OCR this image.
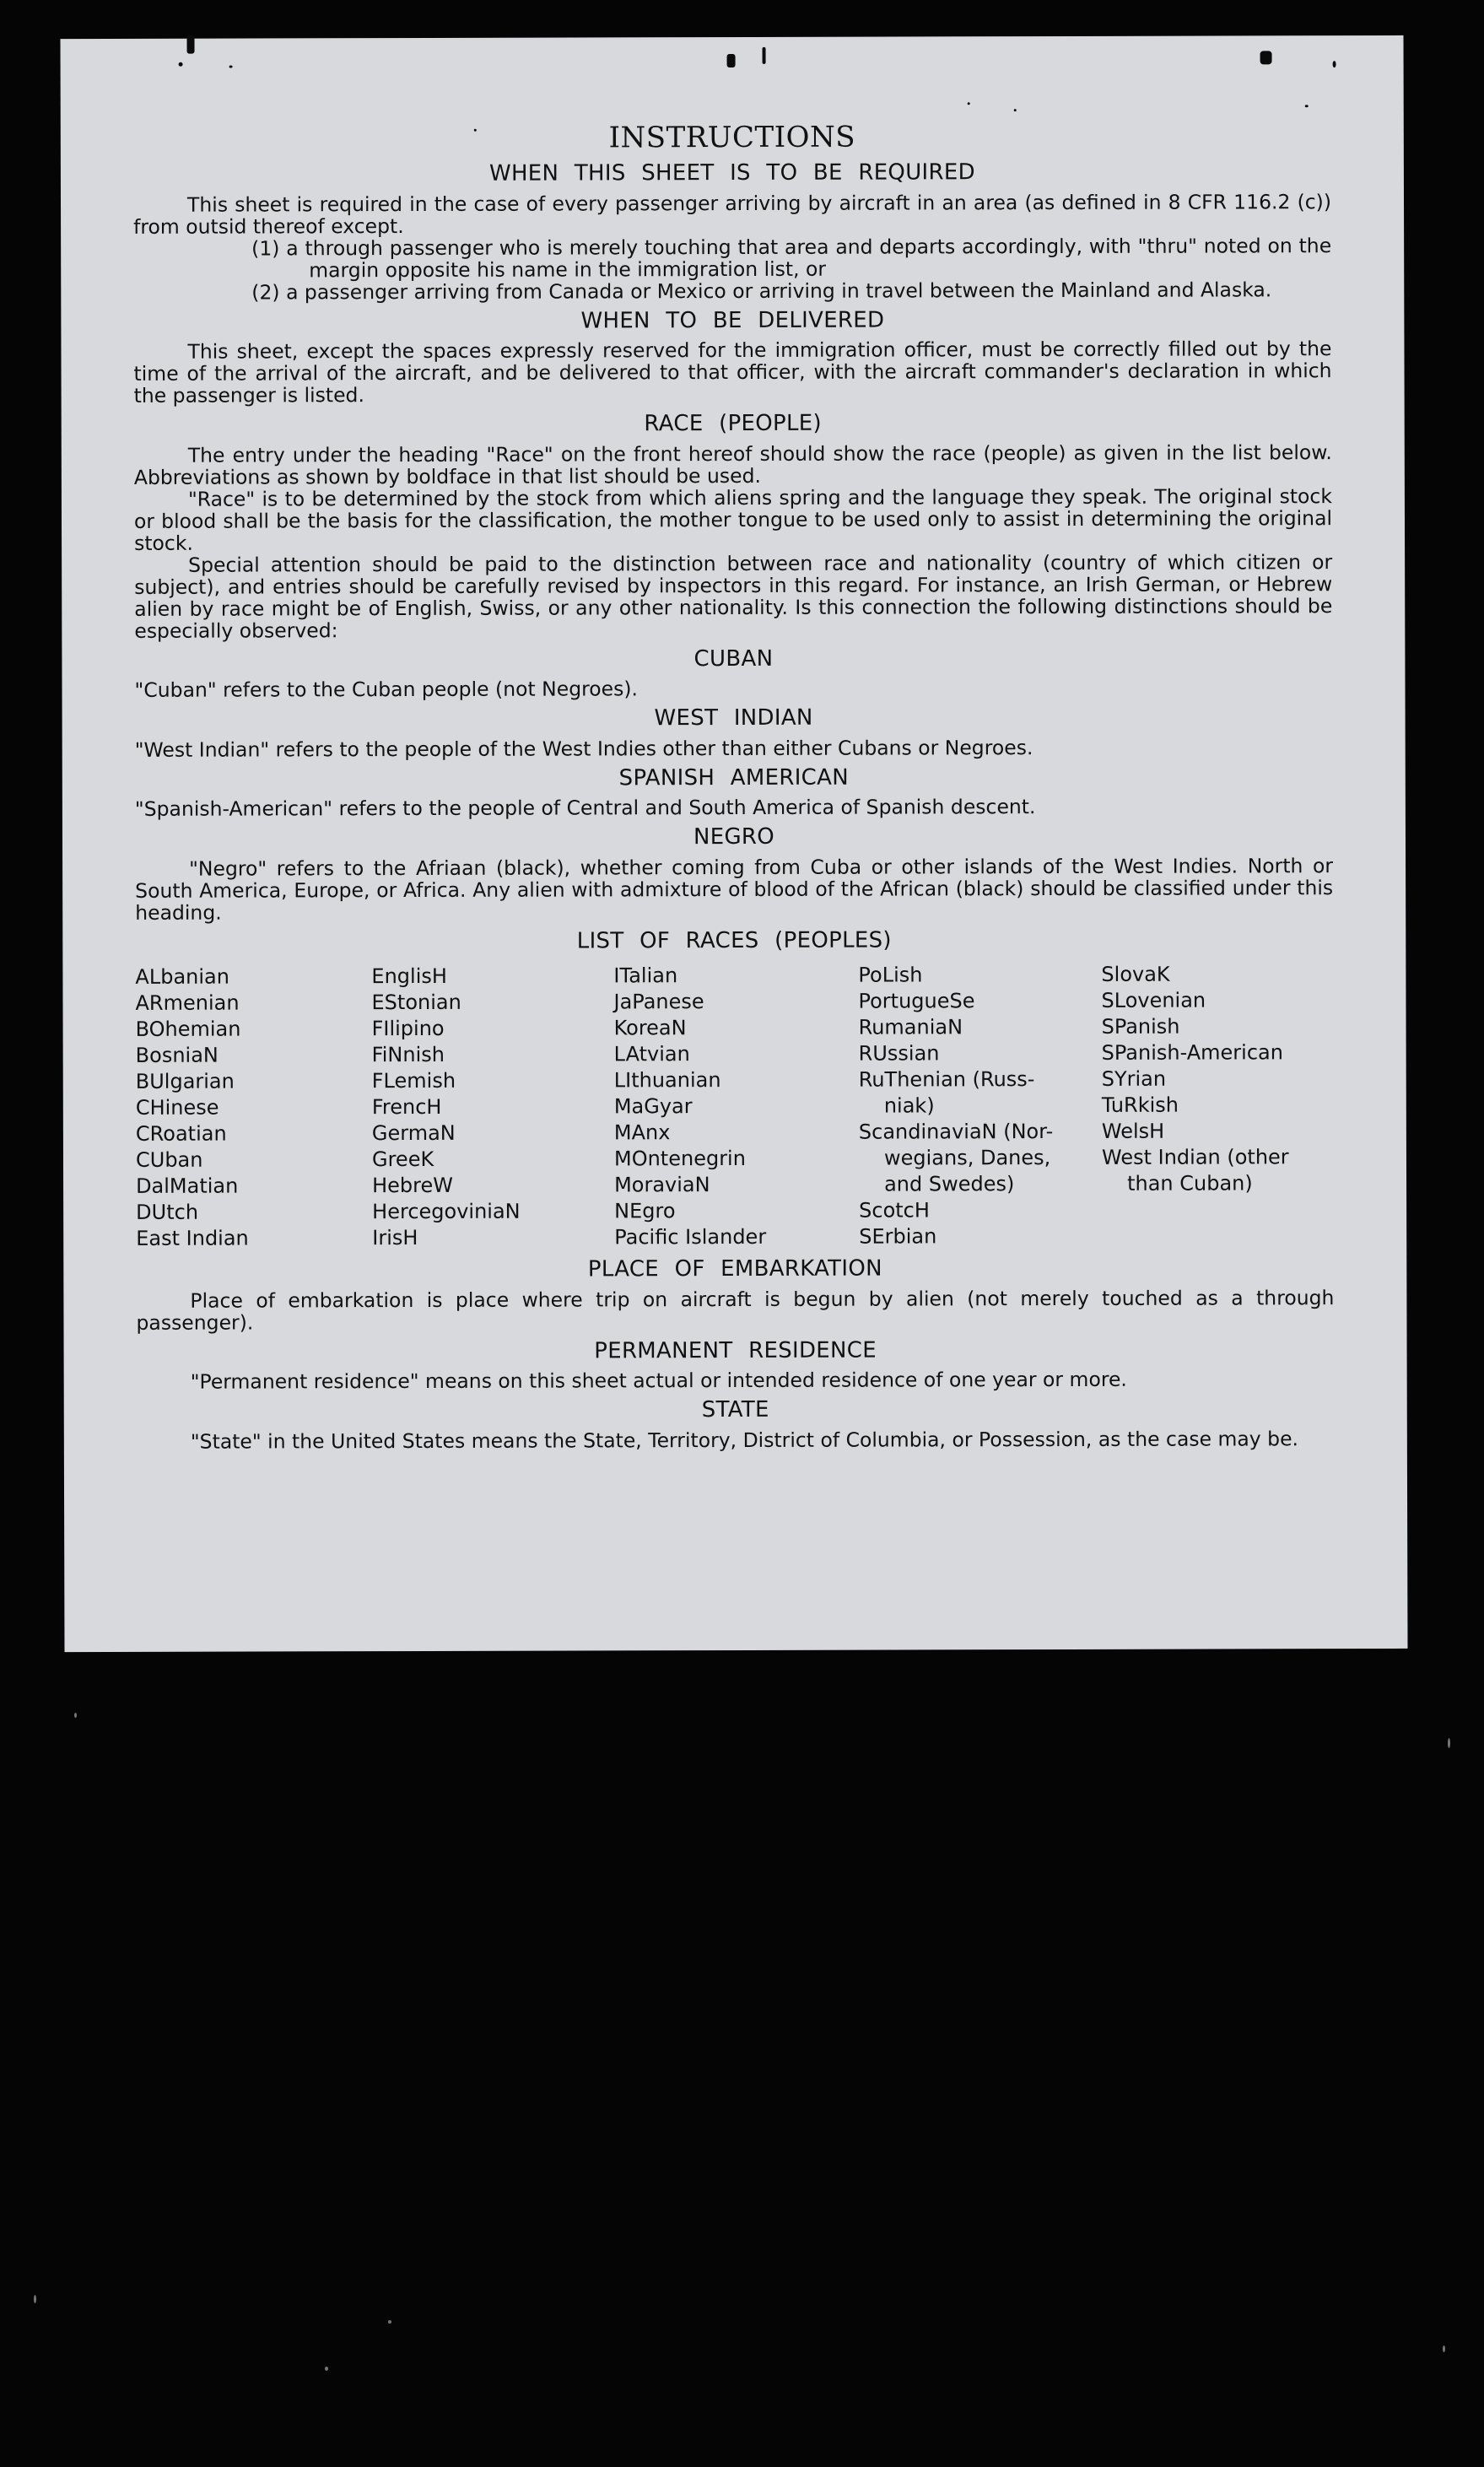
INSTRUCTIONS
WHEN THIS SHEET IS TO BE REQUIRED

This sheet is required in the case of every passenger arriving by aircraft in an area (as defined in 8 CFR 116.2 (c)) from outsid thereof except.

(1) a through passenger who is merely touching that area and departs accordingly, with "thru" noted on the margin opposite his name in the immigration list, or

(2) a passenger arriving from Canada or Mexico or arriving in travel between the Mainland and Alaska.

WHEN TO BE DELIVERED

This sheet, except the spaces expressly reserved for the immigration officer, must be correctly filled out by the time of the arrival of the aircraft, and be delivered to that officer, with the aircraft commander's declaration in which the passenger is listed.

RACE (PEOPLE)

The entry under the heading "Race" on the front hereof should show the race (people) as given in the list below. Abbreviations as shown by boldface in that list should be used.

"Race" is to be determined by the stock from which aliens spring and the language they speak. The original stock or blood shall be the basis for the classification, the mother tongue to be used only to assist in determining the original stock.

Special attention should be paid to the distinction between race and nationality (country of which citizen or subject), and entries should be carefully revised by inspectors in this regard. For instance, an Irish German, or Hebrew alien by race might be of English, Swiss, or any other nationality. Is this connection the following distinctions should be especially observed:

CUBAN

"Cuban" refers to the Cuban people (not Negroes).

WEST INDIAN

"West Indian" refers to the people of the West Indies other than either Cubans or Negroes.

SPANISH AMERICAN

"Spanish-American" refers to the people of Central and South America of Spanish descent.

NEGRO

"Negro" refers to the Afriaan (black), whether coming from Cuba or other islands of the West Indies. North or South America, Europe, or Africa. Any alien with admixture of blood of the African (black) should be classified under this heading.

LIST OF RACES (PEOPLES)
ALbanian
ARmenian
BOhemian
BosniaN
BUlgarian
CHinese
CRoatian
CUban
DalMatian
DUtch
East Indian
EnglisH
EStonian
FIlipino
FiNnish
FLemish
FrencH
GermaN
GreeK
HebreW
HercegoviniaN
IrisH
ITalian
JaPanese
KoreaN
LAtvian
LIthuanian
MaGyar
MAnx
MOntenegrin
MoraviaN
NEgro
Pacific Islander
PoLish
PortugueSe
RumaniaN
RUssian
RuThenian (Russ-
niak)
ScandinaviaN (Nor-
wegians, Danes,
and Swedes)
ScotcH
SErbian
SlovaK
SLovenian
SPanish
SPanish-American
SYrian
TuRkish
WelsH
West Indian (other
than Cuban)
PLACE OF EMBARKATION

Place of embarkation is place where trip on aircraft is begun by alien (not merely touched as a through passenger).

PERMANENT RESIDENCE

"Permanent residence" means on this sheet actual or intended residence of one year or more.

STATE

"State" in the United States means the State, Territory, District of Columbia, or Possession, as the case may be.
